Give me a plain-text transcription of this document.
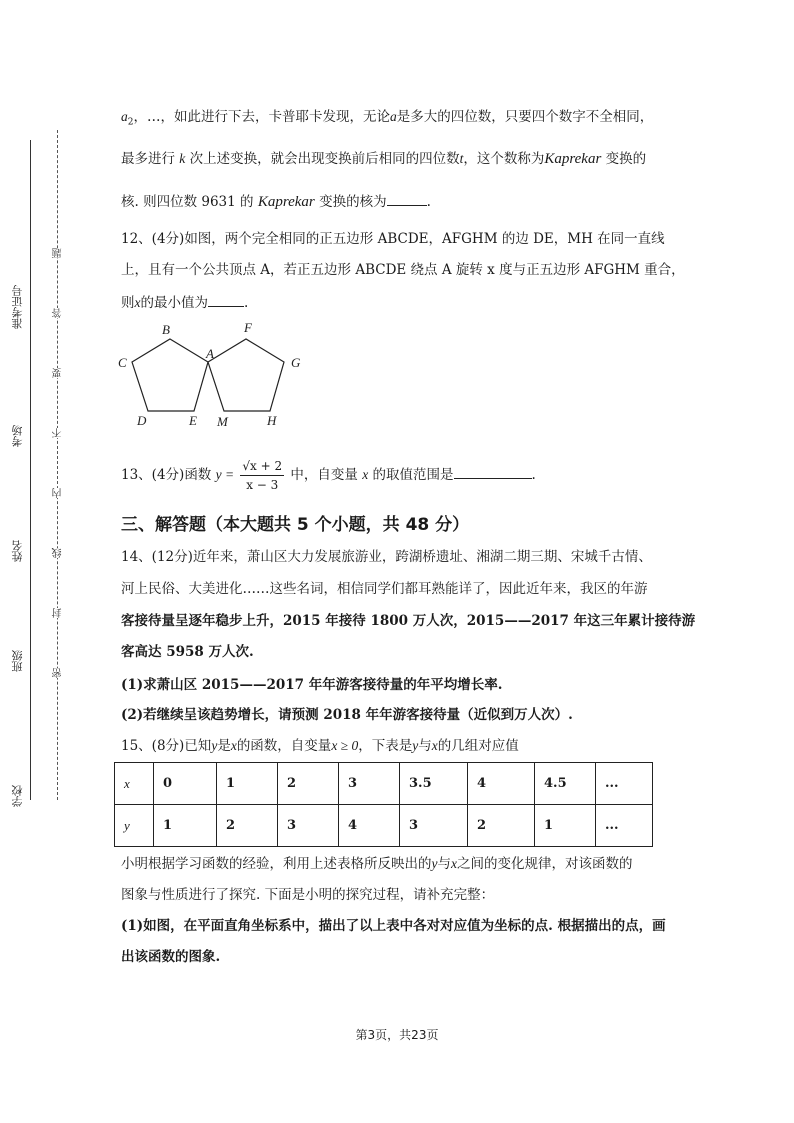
准考证号
考场
姓名
班级
学校
题
答
要
不
内
线
封
密
$a_2$，…，如此进行下去，卡普耶卡发现，无论a是多大的四位数，只要四个数字不全相同，
最多进行 k 次上述变换，就会出现变换前后相同的四位数t，这个数称为Kaprekar 变换的
核. 则四位数 9631 的 Kaprekar 变换的核为	.
12、(4分)如图，两个完全相同的正五边形 ABCDE，AFGHM 的边 DE，MH 在同一直线
上，且有一个公共顶点 A，若正五边形 ABCDE 绕点 A 旋转 x 度与正五边形 AFGHM 重合，
则x的最小值为	.
B	F
A
C	G
D	E M	H
13、(4分)函数 $y = \frac{√x + 2}{x - 3}$ 中，自变量 x 的取值范围是	.
三、解答题（本大题共 5 个小题，共 48 分）
14、(12分)近年来，萧山区大力发展旅游业，跨湖桥遗址、湘湖二期三期、宋城千古情、
河上民俗、大美进化……这些名词，相信同学们都耳熟能详了，因此近年来，我区的年游
客接待量呈逐年稳步上升，2015 年接待 1800 万人次，2015——2017 年这三年累计接待游
客高达 5958 万人次.
(1)求萧山区 2015——2017 年年游客接待量的年平均增长率.
(2)若继续呈该趋势增长，请预测 2018 年年游客接待量（近似到万人次）.
15、(8分)已知y是x的函数，自变量x ≥ 0，下表是y与x的几组对应值
x	0	1	2	3	3.5	4	4.5	...
y	1	2	3	4	3	2	1	...
小明根据学习函数的经验，利用上述表格所反映出的y与x之间的变化规律，对该函数的
图象与性质进行了探究. 下面是小明的探究过程，请补充完整：
(1)如图，在平面直角坐标系中，描出了以上表中各对对应值为坐标的点. 根据描出的点，画
出该函数的图象.
第3页，共23页
